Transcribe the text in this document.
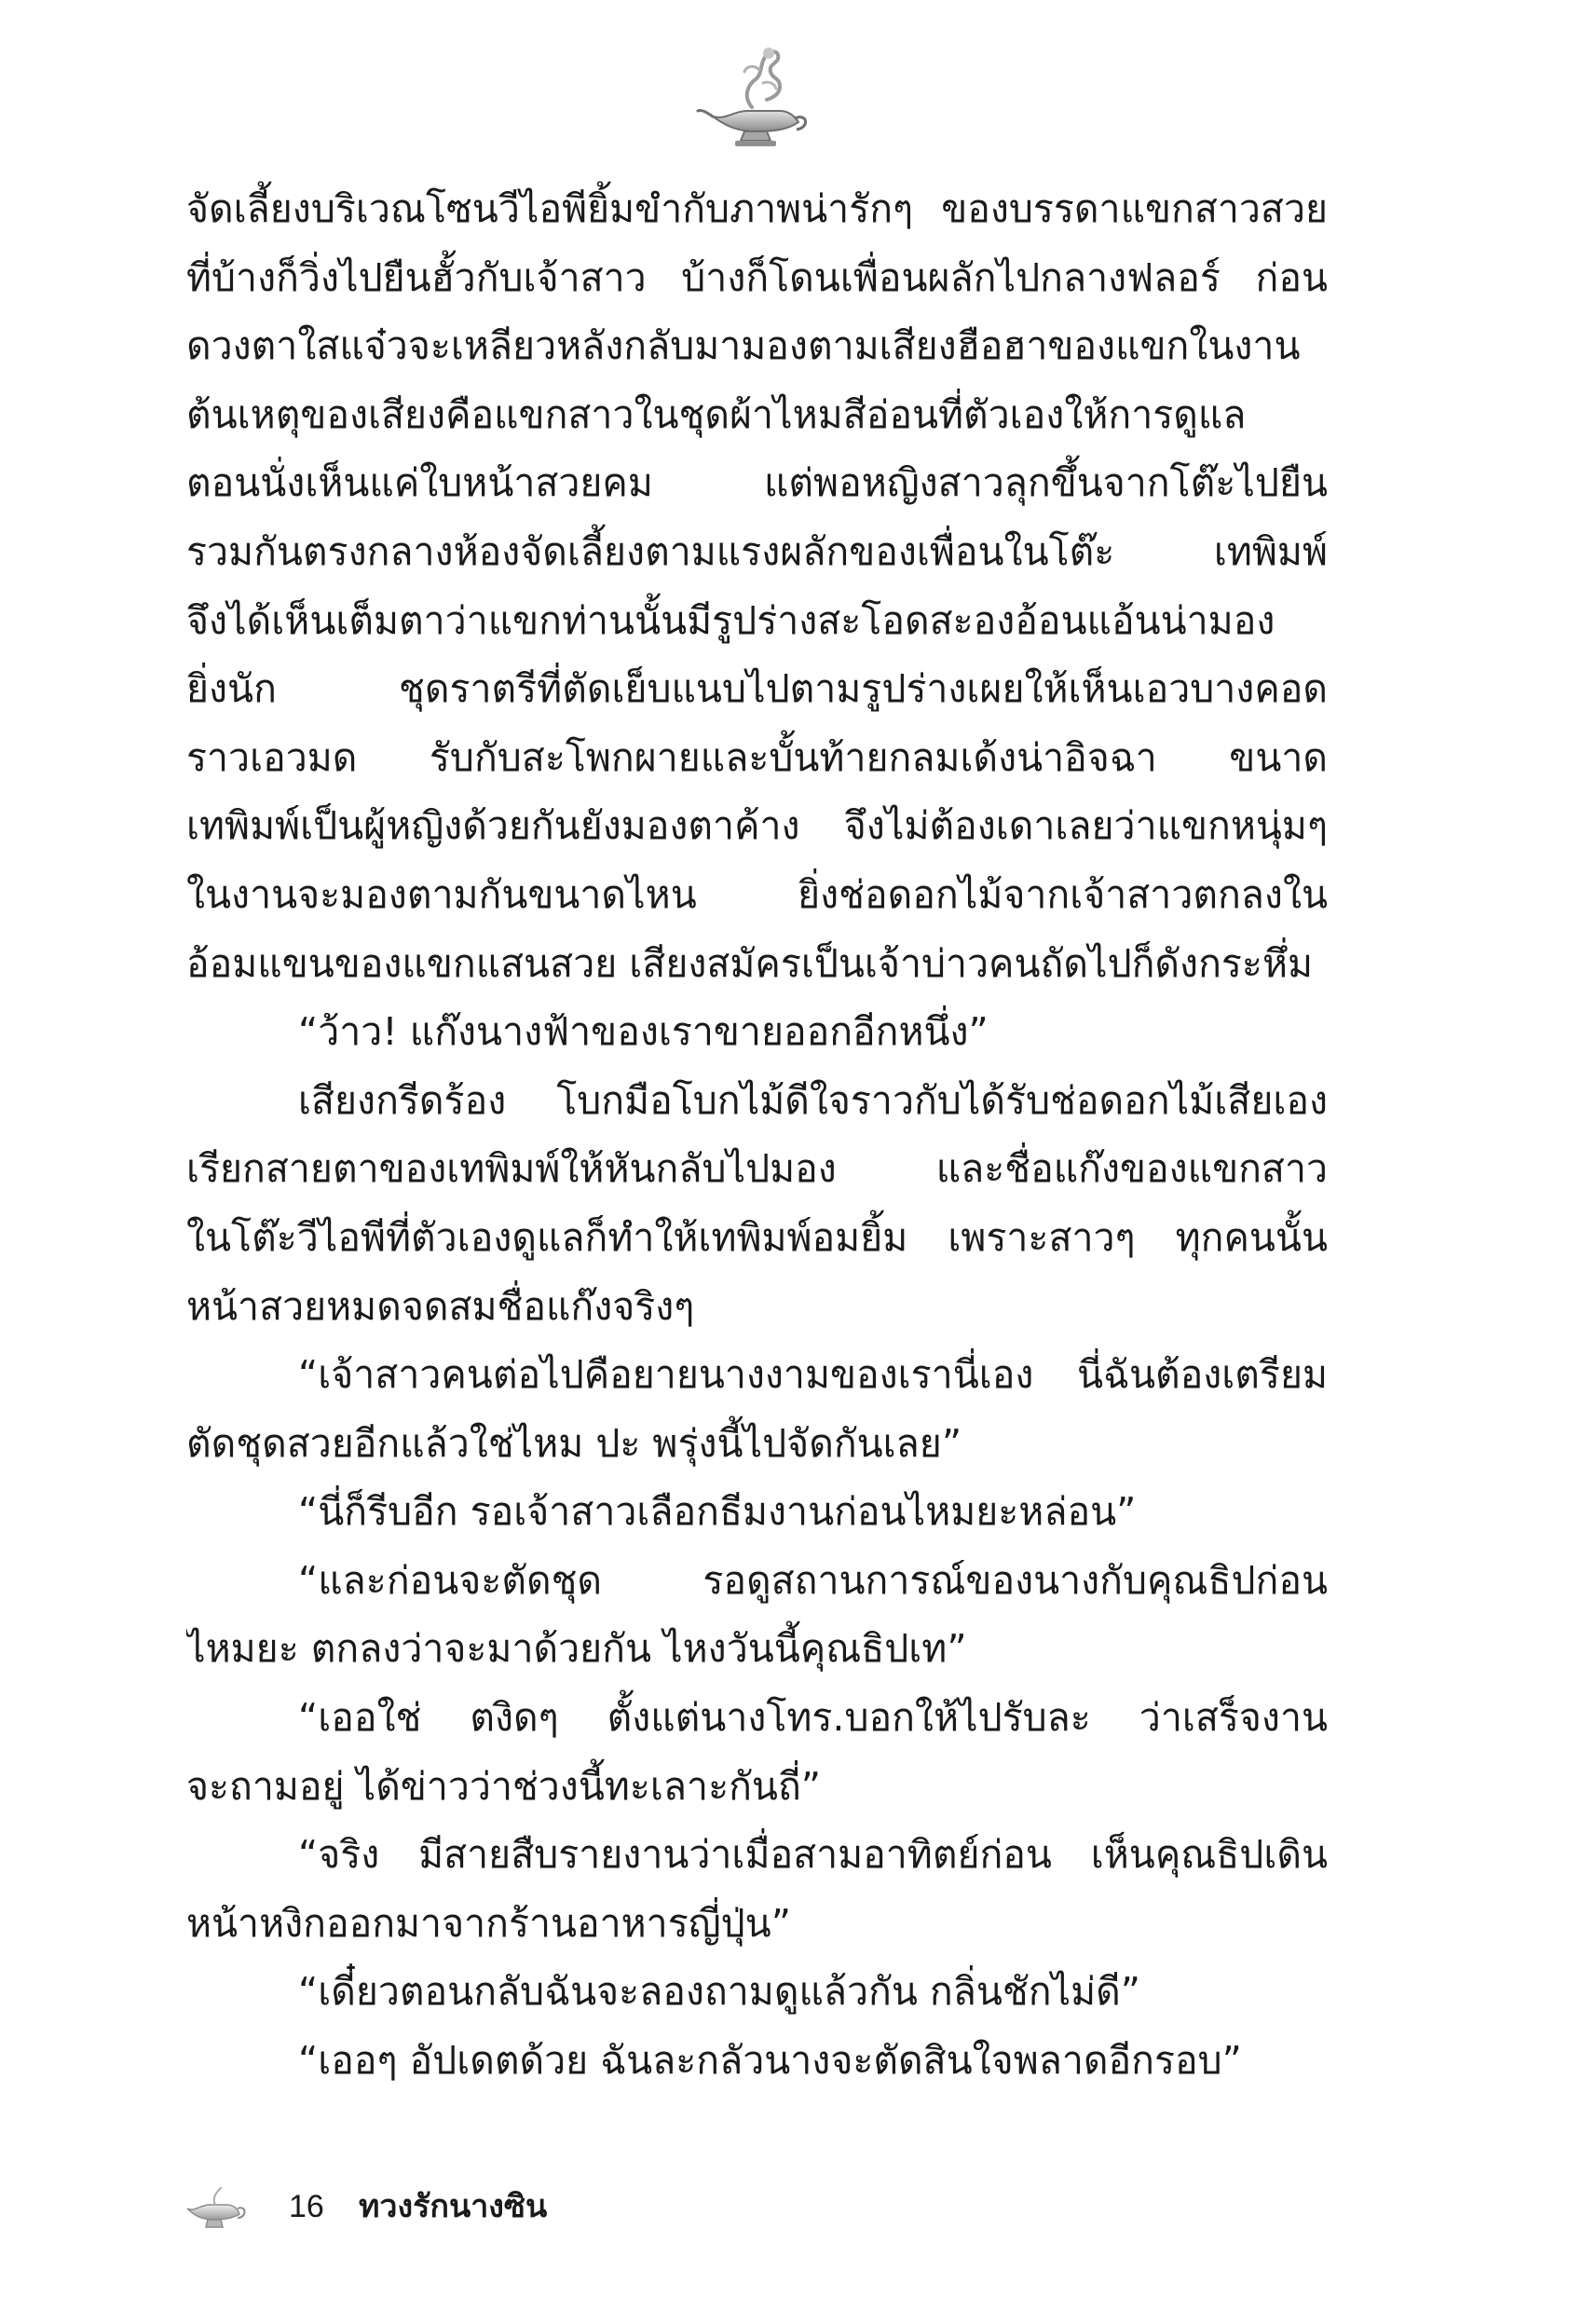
จัดเลี้ยงบริเวณโซนวีไอพียิ้มขำกับภาพน่ารักๆ ของบรรดาแขกสาวสวย
ที่บ้างก็วิ่งไปยืนฮั้วกับเจ้าสาว บ้างก็โดนเพื่อนผลักไปกลางฟลอร์ ก่อน
ดวงตาใสแจ๋วจะเหลียวหลังกลับมามองตามเสียงฮือฮาของแขกในงาน
ต้นเหตุของเสียงคือแขกสาวในชุดผ้าไหมสีอ่อนที่ตัวเองให้การดูแล
ตอนนั่งเห็นแค่ใบหน้าสวยคม แต่พอหญิงสาวลุกขึ้นจากโต๊ะไปยืน
รวมกันตรงกลางห้องจัดเลี้ยงตามแรงผลักของเพื่อนในโต๊ะ เทพิมพ์
จึงได้เห็นเต็มตาว่าแขกท่านนั้นมีรูปร่างสะโอดสะองอ้อนแอ้นน่ามอง
ยิ่งนัก ชุดราตรีที่ตัดเย็บแนบไปตามรูปร่างเผยให้เห็นเอวบางคอด
ราวเอวมด รับกับสะโพกผายและบั้นท้ายกลมเด้งน่าอิจฉา ขนาด
เทพิมพ์เป็นผู้หญิงด้วยกันยังมองตาค้าง จึงไม่ต้องเดาเลยว่าแขกหนุ่มๆ
ในงานจะมองตามกันขนาดไหน ยิ่งช่อดอกไม้จากเจ้าสาวตกลงใน
อ้อมแขนของแขกแสนสวย เสียงสมัครเป็นเจ้าบ่าวคนถัดไปก็ดังกระหึ่ม
“ว้าว! แก๊งนางฟ้าของเราขายออกอีกหนึ่ง”
เสียงกรีดร้อง โบกมือโบกไม้ดีใจราวกับได้รับช่อดอกไม้เสียเอง
เรียกสายตาของเทพิมพ์ให้หันกลับไปมอง และชื่อแก๊งของแขกสาว
ในโต๊ะวีไอพีที่ตัวเองดูแลก็ทำให้เทพิมพ์อมยิ้ม เพราะสาวๆ ทุกคนนั้น
หน้าสวยหมดจดสมชื่อแก๊งจริงๆ
“เจ้าสาวคนต่อไปคือยายนางงามของเรานี่เอง นี่ฉันต้องเตรียม
ตัดชุดสวยอีกแล้วใช่ไหม ปะ พรุ่งนี้ไปจัดกันเลย”
“นี่ก็รีบอีก รอเจ้าสาวเลือกธีมงานก่อนไหมยะหล่อน”
“และก่อนจะตัดชุด รอดูสถานการณ์ของนางกับคุณธิปก่อน
ไหมยะ ตกลงว่าจะมาด้วยกัน ไหงวันนี้คุณธิปเท”
“เออใช่ ตงิดๆ ตั้งแต่นางโทร.บอกให้ไปรับละ ว่าเสร็จงาน
จะถามอยู่ ได้ข่าวว่าช่วงนี้ทะเลาะกันถี่”
“จริง มีสายสืบรายงานว่าเมื่อสามอาทิตย์ก่อน เห็นคุณธิปเดิน
หน้าหงิกออกมาจากร้านอาหารญี่ปุ่น”
“เดี๋ยวตอนกลับฉันจะลองถามดูแล้วกัน กลิ่นชักไม่ดี”
“เออๆ อัปเดตด้วย ฉันละกลัวนางจะตัดสินใจพลาดอีกรอบ”
16 ทวงรักนางซิน
